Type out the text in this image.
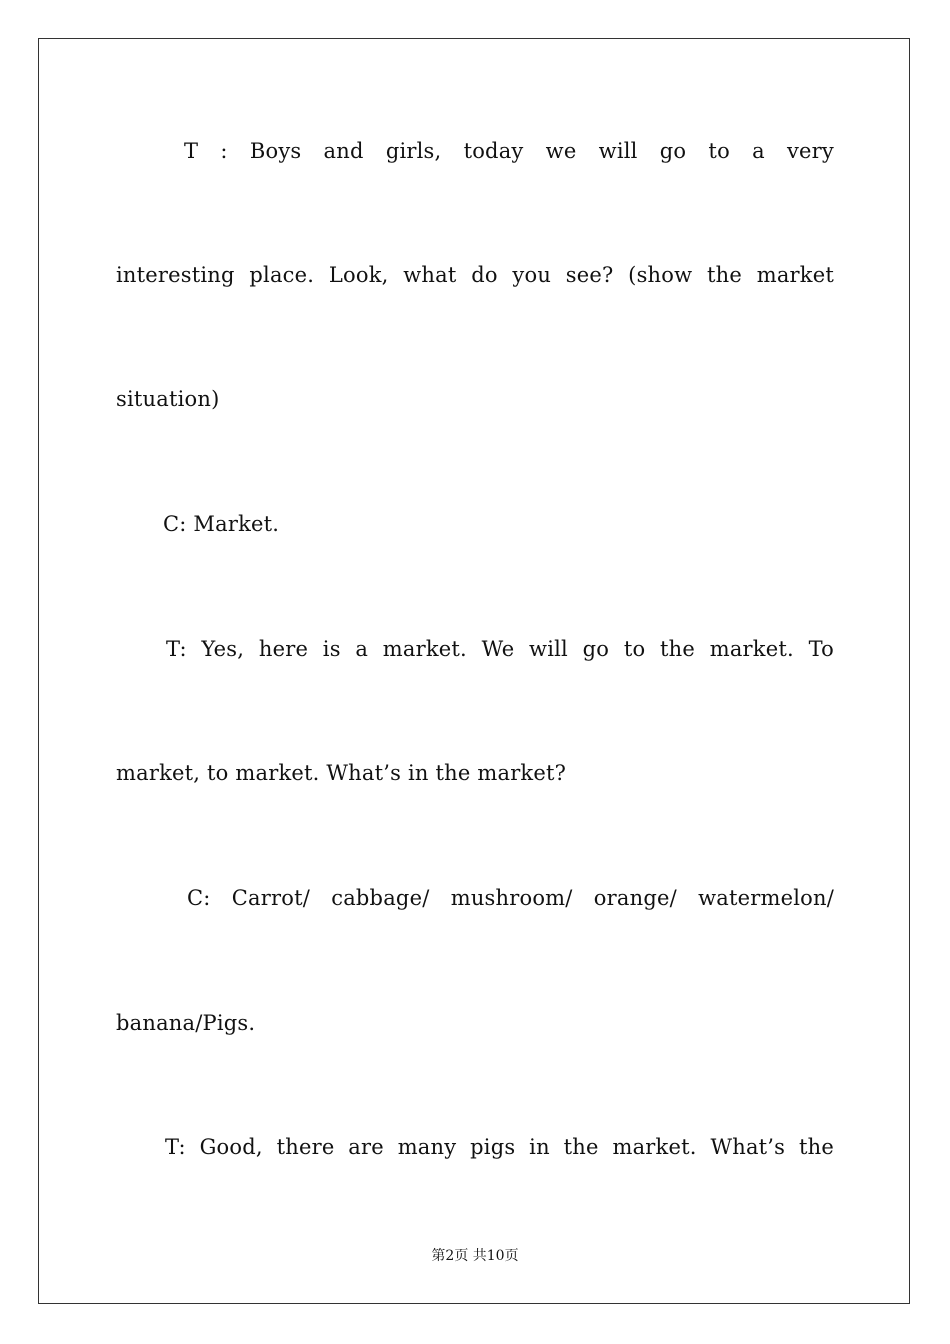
T : Boys and girls, today we will go to a very
interesting place. Look, what do you see? (show the market
situation)
C: Market.
T: Yes, here is a market. We will go to the market. To
market, to market. What’s in the market?
C: Carrot/ cabbage/ mushroom/ orange/ watermelon/
banana/Pigs.
T: Good, there are many pigs in the market. What’s the
第2页 共10页
